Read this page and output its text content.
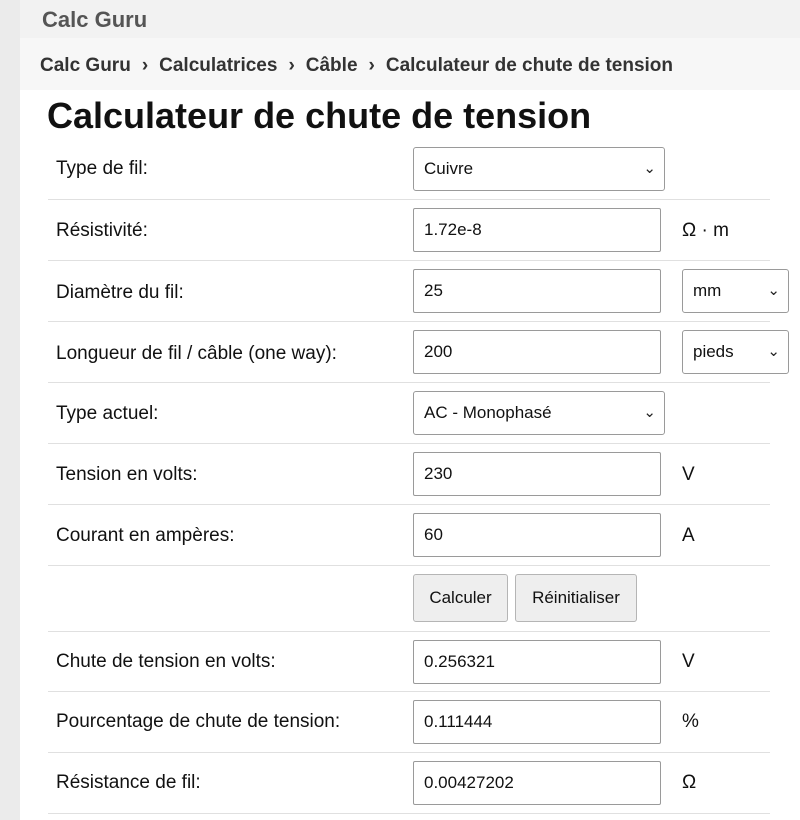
Calc Guru
Calc Guru › Calculatrices › Câble › Calculateur de chute de tension
Calculateur de chute de tension
Type de fil:	Cuivre	⌄
Résistivité:	1.72e-8	Ω · m
Diamètre du fil:	25	mm	⌄
Longueur de fil / câble (one way):	200	pieds ⌄
Type actuel:	AC - Monophasé	⌄
Tension en volts:	230	V
Courant en ampères:	60	A
Calculer	Réinitialiser
Chute de tension en volts:	0.256321	V
Pourcentage de chute de tension:	0.111444	%
Résistance de fil:	0.00427202	Ω
